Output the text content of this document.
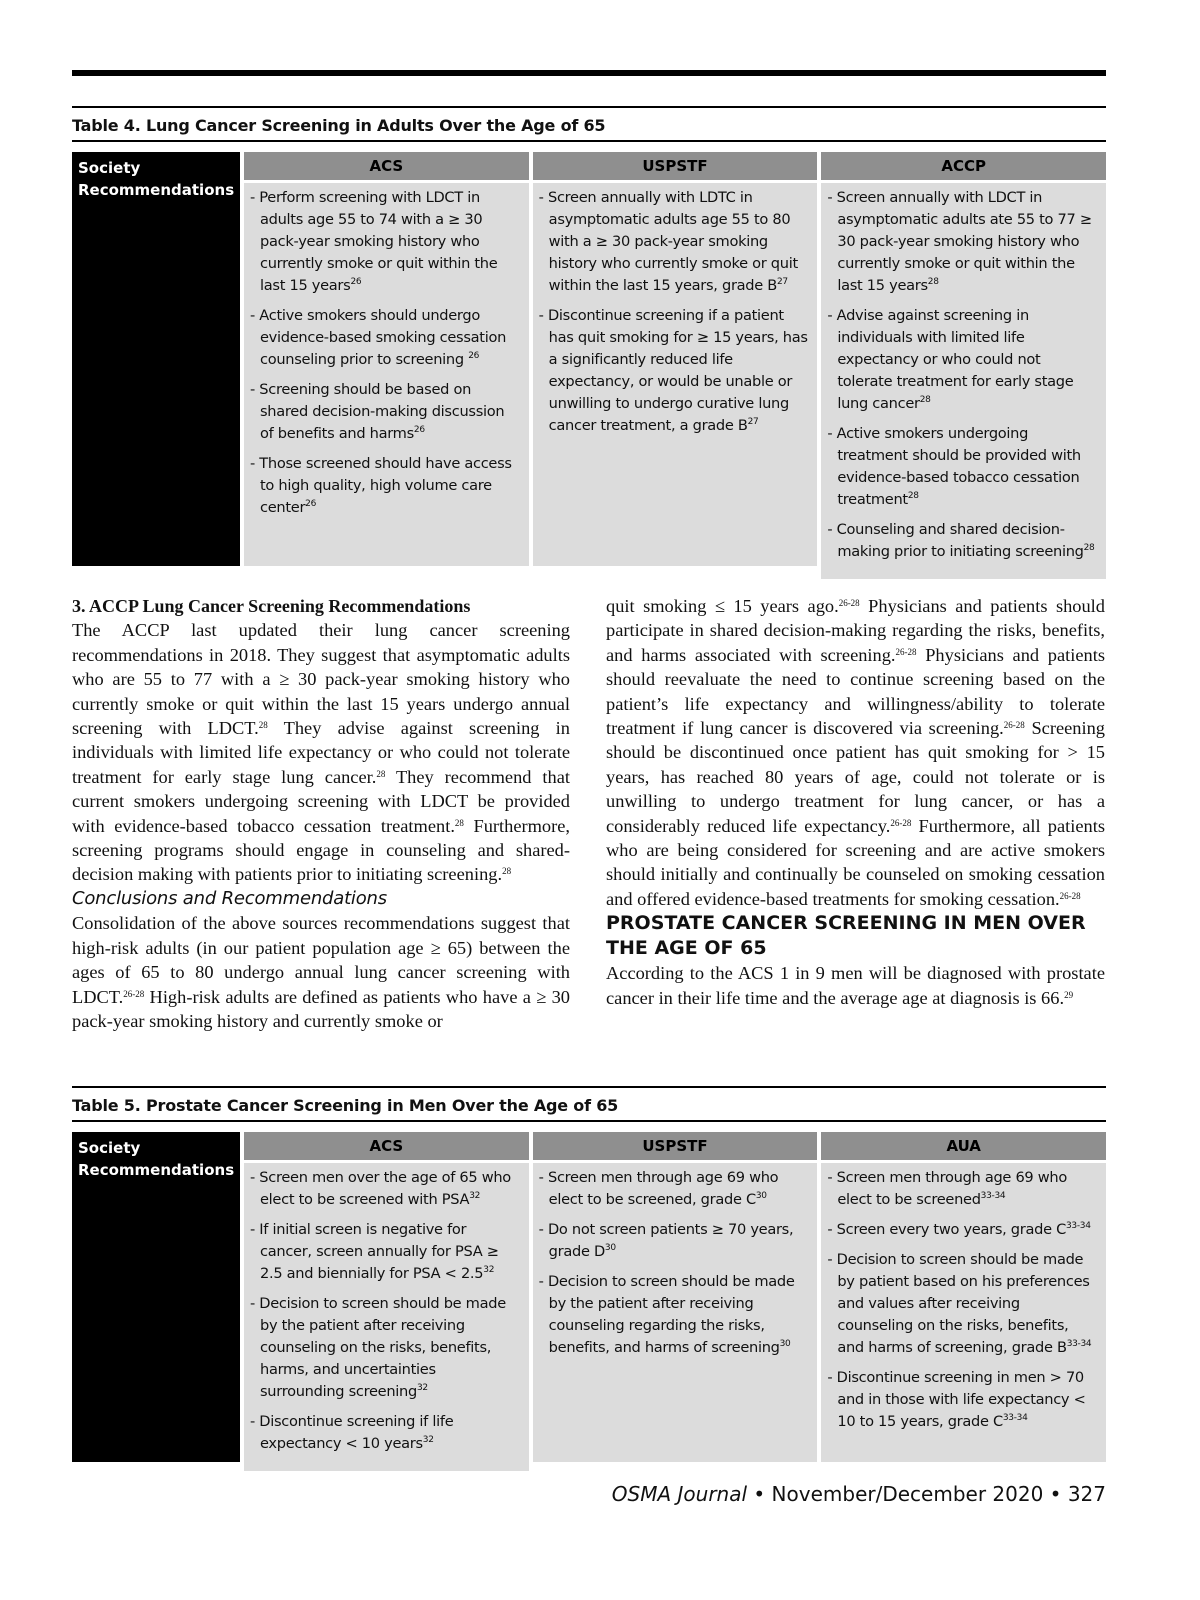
Table 4. Lung Cancer Screening in Adults Over the Age of 65
Society Recommendations
ACS

- Perform screening with LDCT in adults age 55 to 74 with a ≥ 30 pack-year smoking history who currently smoke or quit within the last 15 years$^{26}$

- Active smokers should undergo evidence-based smoking cessation counseling prior to screening $^{26}$

- Screening should be based on shared decision-making discussion of benefits and harms$^{26}$

- Those screened should have access to high quality, high volume care center$^{26}$

USPSTF

- Screen annually with LDTC in asymptomatic adults age 55 to 80 with a ≥ 30 pack-year smoking history who currently smoke or quit within the last 15 years, grade $B^{27}$

- Discontinue screening if a patient has quit smoking for ≥ 15 years, has a significantly reduced life expectancy, or would be unable or unwilling to undergo curative lung cancer treatment, a grade $B^{27}$

ACCP

- Screen annually with LDCT in asymptomatic adults ate 55 to 77 ≥ 30 pack-year smoking history who currently smoke or quit within the last 15 years$^{28}$

- Advise against screening in individuals with limited life expectancy or who could not tolerate treatment for early stage lung cancer$^{28}$

- Active smokers undergoing treatment should be provided with evidence-based tobacco cessation treatment$^{28}$

- Counseling and shared decision-making prior to initiating screening$^{28}$

3. ACCP Lung Cancer Screening Recommendations

The ACCP last updated their lung cancer screening recommendations in 2018. They suggest that asymptomatic adults who are 55 to 77 with a ≥ 30 pack-year smoking history who currently smoke or quit within the last 15 years undergo annual screening with LDCT.$^{28}$ They advise against screening in individuals with limited life expectancy or who could not tolerate treatment for early stage lung cancer.$^{28}$ They recommend that current smokers undergoing screening with LDCT be provided with evidence-based tobacco cessation treatment.$^{28}$ Furthermore, screening programs should engage in counseling and shared-decision making with patients prior to initiating screening.$^{28}$

Conclusions and Recommendations

Consolidation of the above sources recommendations suggest that high-risk adults (in our patient population age ≥ 65) between the ages of 65 to 80 undergo annual lung cancer screening with LDCT.$^{26-28}$ High-risk adults are defined as patients who have a ≥ 30 pack-year smoking history and currently smoke or

quit smoking ≤ 15 years ago.$^{26-28}$ Physicians and patients should participate in shared decision-making regarding the risks, benefits, and harms associated with screening.$^{26-28}$ Physicians and patients should reevaluate the need to continue screening based on the patient’s life expectancy and willingness/ability to tolerate treatment if lung cancer is discovered via screening.$^{26-28}$ Screening should be discontinued once patient has quit smoking for > 15 years, has reached 80 years of age, could not tolerate or is unwilling to undergo treatment for lung cancer, or has a considerably reduced life expectancy.$^{26-28}$ Furthermore, all patients who are being considered for screening and are active smokers should initially and continually be counseled on smoking cessation and offered evidence-based treatments for smoking cessation.$^{26-28}$

PROSTATE CANCER SCREENING IN MEN OVER THE AGE OF 65

According to the ACS 1 in 9 men will be diagnosed with prostate cancer in their life time and the average age at diagnosis is 66.29

Table 5. Prostate Cancer Screening in Men Over the Age of 65
Society Recommendations
ACS

- Screen men over the age of 65 who elect to be screened with PSA$^{32}$

- If initial screen is negative for cancer, screen annually for PSA ≥ 2.5 and biennially for PSA < $2.5^{32}$

- Decision to screen should be made by the patient after receiving counseling on the risks, benefits, harms, and uncertainties surrounding screening$^{32}$

- Discontinue screening if life expectancy < 10 years$^{32}$

USPSTF

- Screen men through age 69 who elect to be screened, grade $C^{30}$

- Do not screen patients ≥ 70 years, grade $D^{30}$

- Decision to screen should be made by the patient after receiving counseling regarding the risks, benefits, and harms of screening$^{30}$

AUA

- Screen men through age 69 who elect to be screened$^{33-34}$

- Screen every two years, grade $C^{33-34}$

- Decision to screen should be made by patient based on his preferences and values after receiving counseling on the risks, benefits, and harms of screening, grade $B^{33-34}$

- Discontinue screening in men > 70 and in those with life expectancy < 10 to 15 years, grade $C^{33-34}$

OSMA Journal • November/December 2020 • 327
